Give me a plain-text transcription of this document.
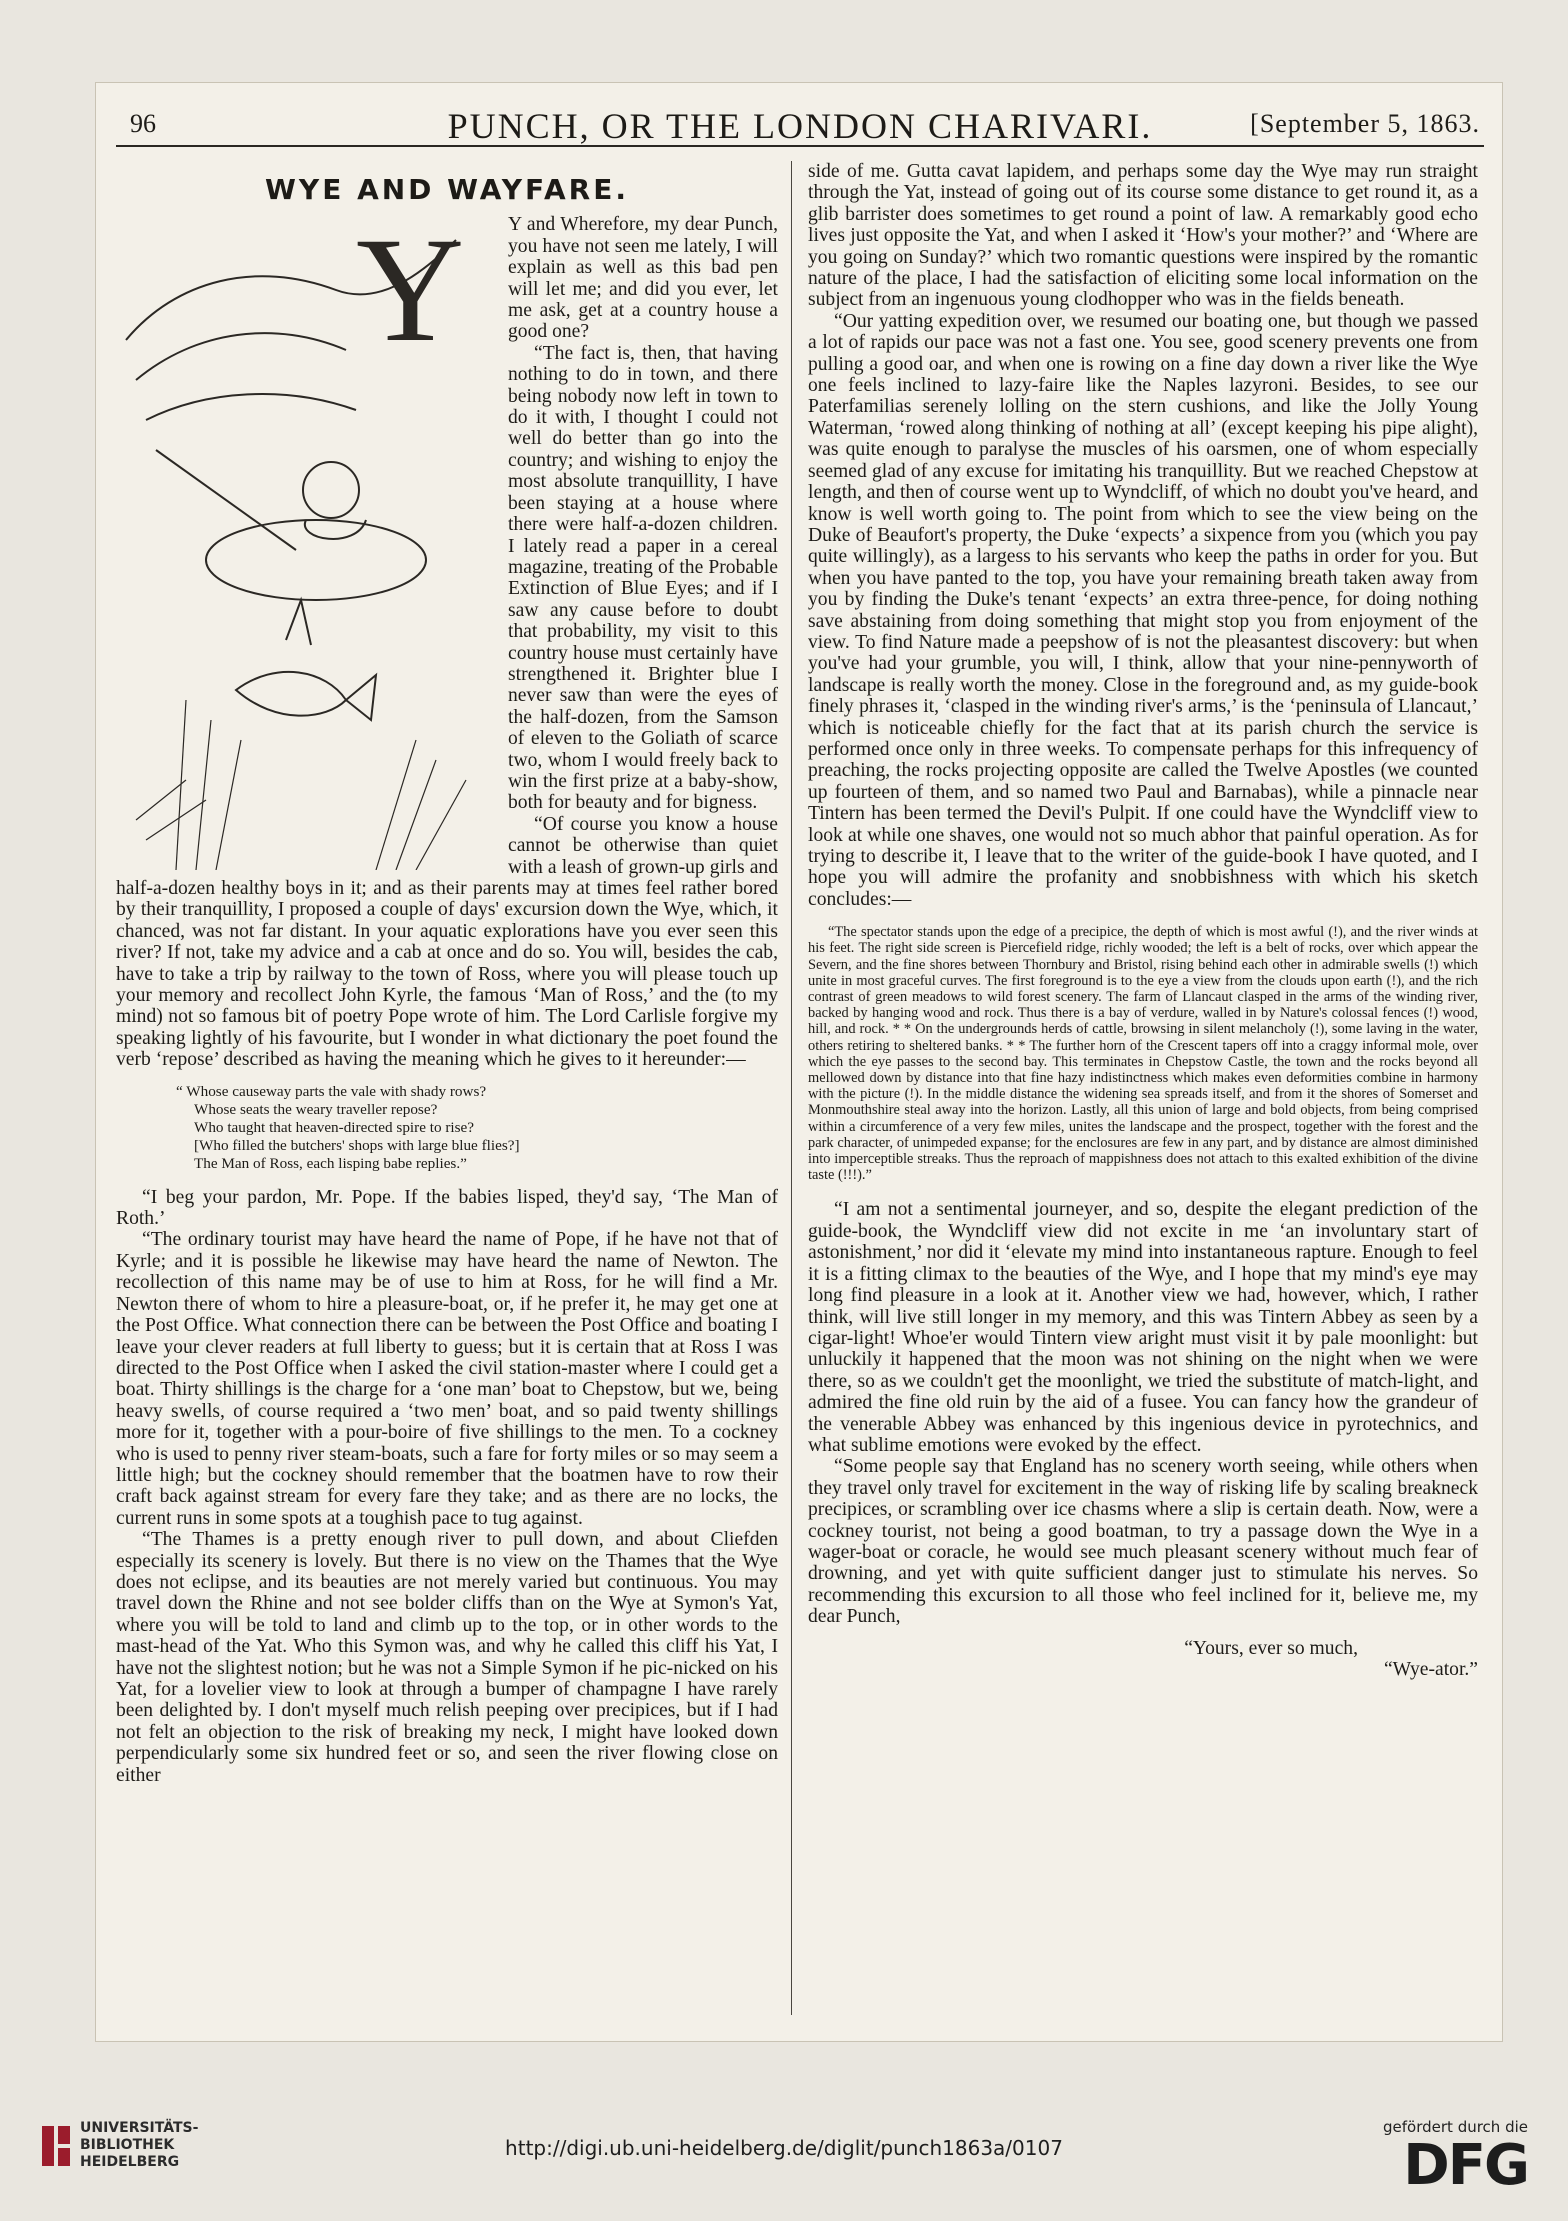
96	PUNCH, OR THE LONDON CHARIVARI.	[September 5, 1863.
WYE AND WAYFARE.
Y	Y and Wherefore, my dear Punch, you have not seen me lately, I will explain as well as this bad pen will let me; and did you ever, let me ask, get at a country house a good one?

“The fact is, then, that having nothing to do in town, and there being nobody now left in town to do it with, I thought I could not well do better than go into the country; and wishing to enjoy the most absolute tranquillity, I have been staying at a house where there were half-a-dozen children. I lately read a paper in a cereal magazine, treating of the Probable Extinction of Blue Eyes; and if I saw any cause before to doubt that probability, my visit to this country house must certainly have strengthened it. Brighter blue I never saw than were the eyes of the half-dozen, from the Samson of eleven to the Goliath of scarce two, whom I would freely back to win the first prize at a baby-show, both for beauty and for bigness.

“Of course you know a house cannot be otherwise than quiet with a leash of grown-up girls and half-a-dozen healthy boys in it; and as their parents may at times feel rather bored by their tranquillity, I proposed a couple of days' excursion down the Wye, which, it chanced, was not far distant. In your aquatic explorations have you ever seen this river? If not, take my advice and a cab at once and do so. You will, besides the cab, have to take a trip by railway to the town of Ross, where you will please touch up your memory and recollect John Kyrle, the famous ‘Man of Ross,’ and the (to my mind) not so famous bit of poetry Pope wrote of him. The Lord Carlisle forgive my speaking lightly of his favourite, but I wonder in what dictionary the poet found the verb ‘repose’ described as having the meaning which he gives to it hereunder:—

“ Whose causeway parts the vale with shady rows?
Whose seats the weary traveller repose?
Who taught that heaven-directed spire to rise?
[Who filled the butchers' shops with large blue flies?]
The Man of Ross, each lisping babe replies.”

“I beg your pardon, Mr. Pope. If the babies lisped, they'd say, ‘The Man of Roth.’

“The ordinary tourist may have heard the name of Pope, if he have not that of Kyrle; and it is possible he likewise may have heard the name of Newton. The recollection of this name may be of use to him at Ross, for he will find a Mr. Newton there of whom to hire a pleasure-boat, or, if he prefer it, he may get one at the Post Office. What connection there can be between the Post Office and boating I leave your clever readers at full liberty to guess; but it is certain that at Ross I was directed to the Post Office when I asked the civil station-master where I could get a boat. Thirty shillings is the charge for a ‘one man’ boat to Chepstow, but we, being heavy swells, of course required a ‘two men’ boat, and so paid twenty shillings more for it, together with a pour-boire of five shillings to the men. To a cockney who is used to penny river steam-boats, such a fare for forty miles or so may seem a little high; but the cockney should remember that the boatmen have to row their craft back against stream for every fare they take; and as there are no locks, the current runs in some spots at a toughish pace to tug against.

“The Thames is a pretty enough river to pull down, and about Cliefden especially its scenery is lovely. But there is no view on the Thames that the Wye does not eclipse, and its beauties are not merely varied but continuous. You may travel down the Rhine and not see bolder cliffs than on the Wye at Symon's Yat, where you will be told to land and climb up to the top, or in other words to the mast-head of the Yat. Who this Symon was, and why he called this cliff his Yat, I have not the slightest notion; but he was not a Simple Symon if he pic-nicked on his Yat, for a lovelier view to look at through a bumper of champagne I have rarely been delighted by. I don't myself much relish peeping over precipices, but if I had not felt an objection to the risk of breaking my neck, I might have looked down perpendicularly some six hundred feet or so, and seen the river flowing close on either

side of me. Gutta cavat lapidem, and perhaps some day the Wye may run straight through the Yat, instead of going out of its course some distance to get round it, as a glib barrister does sometimes to get round a point of law. A remarkably good echo lives just opposite the Yat, and when I asked it ‘How's your mother?’ and ‘Where are you going on Sunday?’ which two romantic questions were inspired by the romantic nature of the place, I had the satisfaction of eliciting some local information on the subject from an ingenuous young clodhopper who was in the fields beneath.

“Our yatting expedition over, we resumed our boating one, but though we passed a lot of rapids our pace was not a fast one. You see, good scenery prevents one from pulling a good oar, and when one is rowing on a fine day down a river like the Wye one feels inclined to lazy-faire like the Naples lazyroni. Besides, to see our Paterfamilias serenely lolling on the stern cushions, and like the Jolly Young Waterman, ‘rowed along thinking of nothing at all’ (except keeping his pipe alight), was quite enough to paralyse the muscles of his oarsmen, one of whom especially seemed glad of any excuse for imitating his tranquillity. But we reached Chepstow at length, and then of course went up to Wyndcliff, of which no doubt you've heard, and know is well worth going to. The point from which to see the view being on the Duke of Beaufort's property, the Duke ‘expects’ a sixpence from you (which you pay quite willingly), as a largess to his servants who keep the paths in order for you. But when you have panted to the top, you have your remaining breath taken away from you by finding the Duke's tenant ‘expects’ an extra three-pence, for doing nothing save abstaining from doing something that might stop you from enjoyment of the view. To find Nature made a peepshow of is not the pleasantest discovery: but when you've had your grumble, you will, I think, allow that your nine-pennyworth of landscape is really worth the money. Close in the foreground and, as my guide-book finely phrases it, ‘clasped in the winding river's arms,’ is the ‘peninsula of Llancaut,’ which is noticeable chiefly for the fact that at its parish church the service is performed once only in three weeks. To compensate perhaps for this infrequency of preaching, the rocks projecting opposite are called the Twelve Apostles (we counted up fourteen of them, and so named two Paul and Barnabas), while a pinnacle near Tintern has been termed the Devil's Pulpit. If one could have the Wyndcliff view to look at while one shaves, one would not so much abhor that painful operation. As for trying to describe it, I leave that to the writer of the guide-book I have quoted, and I hope you will admire the profanity and snobbishness with which his sketch concludes:—

“The spectator stands upon the edge of a precipice, the depth of which is most awful (!), and the river winds at his feet. The right side screen is Piercefield ridge, richly wooded; the left is a belt of rocks, over which appear the Severn, and the fine shores between Thornbury and Bristol, rising behind each other in admirable swells (!) which unite in most graceful curves. The first foreground is to the eye a view from the clouds upon earth (!), and the rich contrast of green meadows to wild forest scenery. The farm of Llancaut clasped in the arms of the winding river, backed by hanging wood and rock. Thus there is a bay of verdure, walled in by Nature's colossal fences (!) wood, hill, and rock. * * On the undergrounds herds of cattle, browsing in silent melancholy (!), some laving in the water, others retiring to sheltered banks. * * The further horn of the Crescent tapers off into a craggy informal mole, over which the eye passes to the second bay. This terminates in Chepstow Castle, the town and the rocks beyond all mellowed down by distance into that fine hazy indistinctness which makes even deformities combine in harmony with the picture (!). In the middle distance the widening sea spreads itself, and from it the shores of Somerset and Monmouthshire steal away into the horizon. Lastly, all this union of large and bold objects, from being comprised within a circumference of a very few miles, unites the landscape and the prospect, together with the forest and the park character, of unimpeded expanse; for the enclosures are few in any part, and by distance are almost diminished into imperceptible streaks. Thus the reproach of mappishness does not attach to this exalted exhibition of the divine taste (!!!).”

“I am not a sentimental journeyer, and so, despite the elegant prediction of the guide-book, the Wyndcliff view did not excite in me ‘an involuntary start of astonishment,’ nor did it ‘elevate my mind into instantaneous rapture. Enough to feel it is a fitting climax to the beauties of the Wye, and I hope that my mind's eye may long find pleasure in a look at it. Another view we had, however, which, I rather think, will live still longer in my memory, and this was Tintern Abbey as seen by a cigar-light! Whoe'er would Tintern view aright must visit it by pale moonlight: but unluckily it happened that the moon was not shining on the night when we were there, so as we couldn't get the moonlight, we tried the substitute of match-light, and admired the fine old ruin by the aid of a fusee. You can fancy how the grandeur of the venerable Abbey was enhanced by this ingenious device in pyrotechnics, and what sublime emotions were evoked by the effect.

“Some people say that England has no scenery worth seeing, while others when they travel only travel for excitement in the way of risking life by scaling breakneck precipices, or scrambling over ice chasms where a slip is certain death. Now, were a cockney tourist, not being a good boatman, to try a passage down the Wye in a wager-boat or coracle, he would see much pleasant scenery without much fear of drowning, and yet with quite sufficient danger just to stimulate his nerves. So recommending this excursion to all those who feel inclined for it, believe me, my dear Punch,

“Yours, ever so much,
“Wye-ator.”
UNIVERSITÄTS-
BIBLIOTHEK
HEIDELBERG
http://digi.ub.uni-heidelberg.de/diglit/punch1863a/0107
gefördert durch die
DFG
